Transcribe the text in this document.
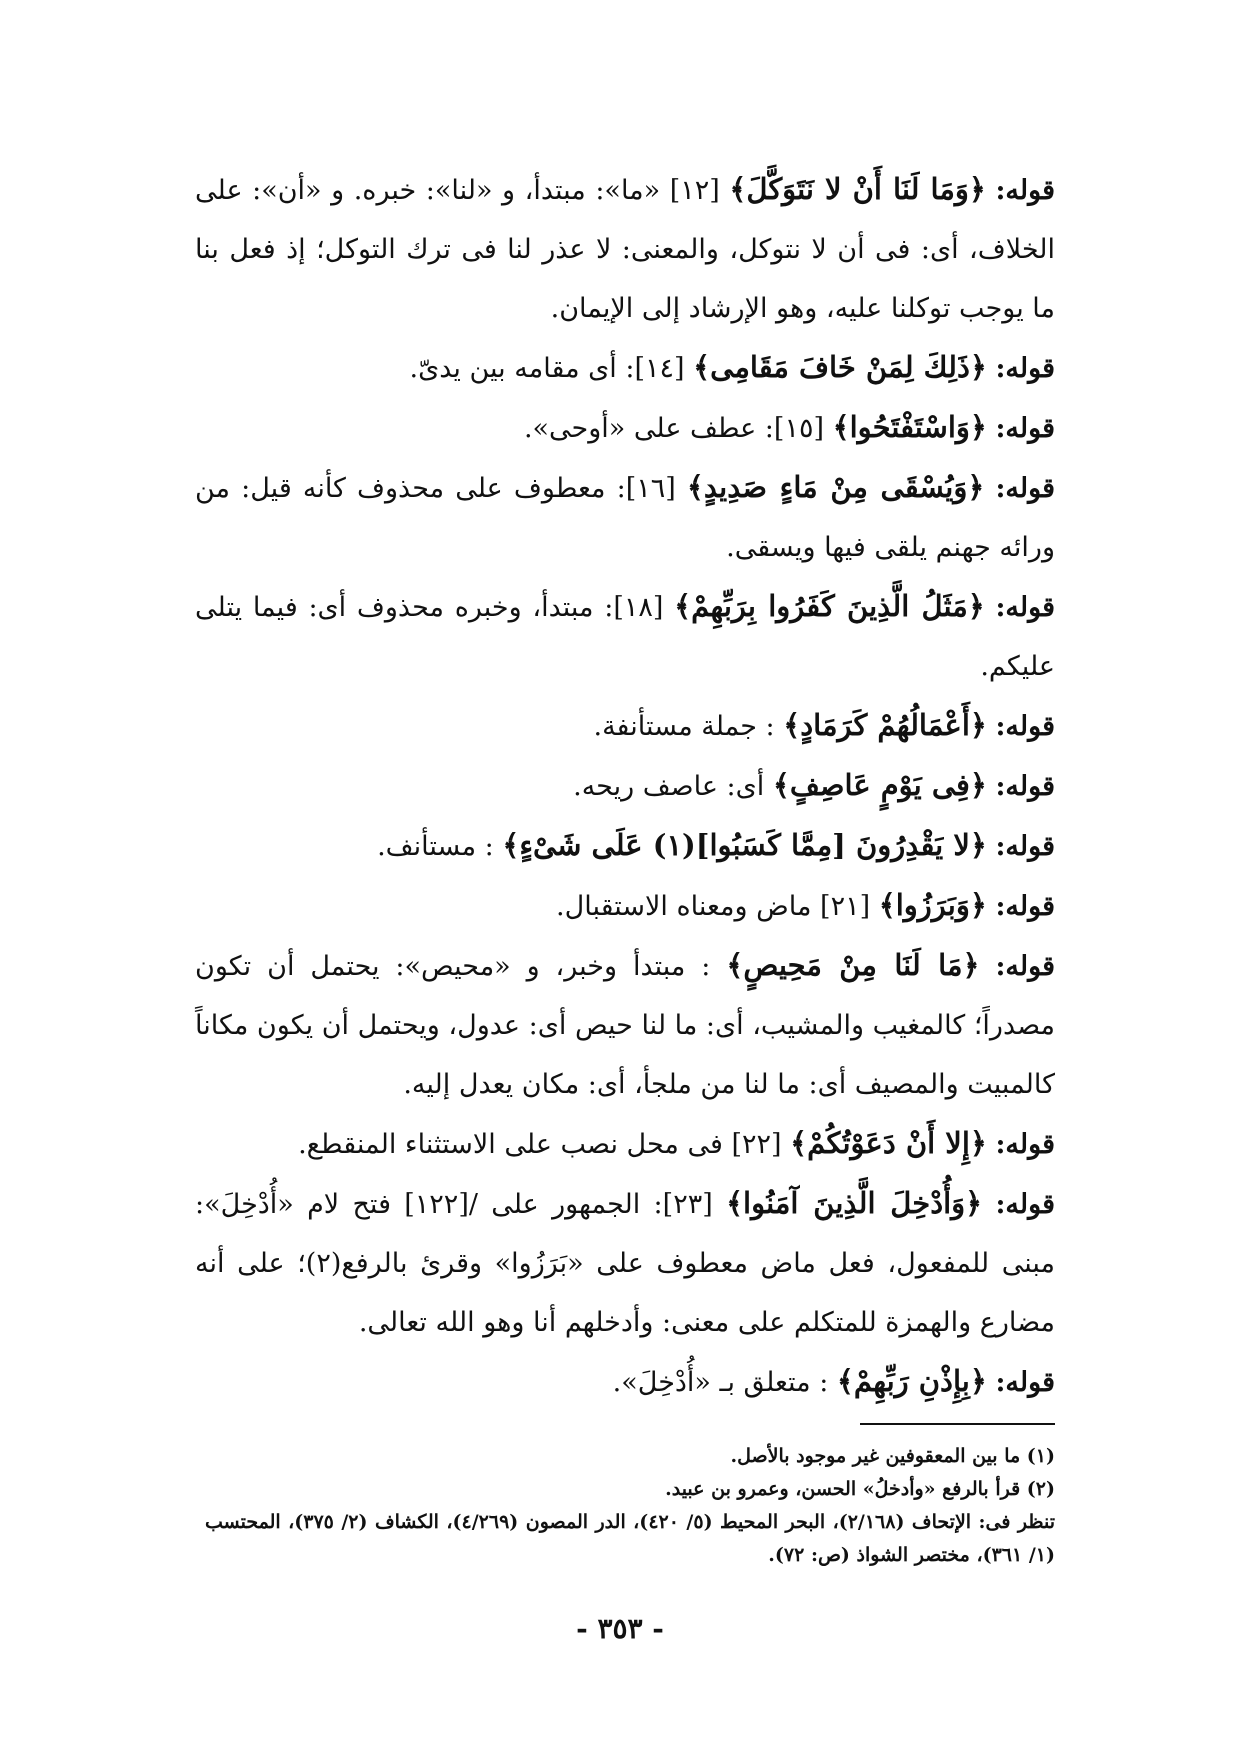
قوله: ﴿وَمَا لَنَا أَنْ لا نَتَوَكَّلَ﴾ [١٢] «ما»: مبتدأ، و «لنا»: خبره. و «أن»: على الخلاف، أى: فى أن لا نتوكل، والمعنى: لا عذر لنا فى ترك التوكل؛ إذ فعل بنا ما يوجب توكلنا عليه، وهو الإرشاد إلى الإيمان.

قوله: ﴿ذَلِكَ لِمَنْ خَافَ مَقَامِى﴾ [١٤]: أى مقامه بين يدىّ.

قوله: ﴿وَاسْتَفْتَحُوا﴾ [١٥]: عطف على «أوحى».

قوله: ﴿وَيُسْقَى مِنْ مَاءٍ صَدِيدٍ﴾ [١٦]: معطوف على محذوف كأنه قيل: من ورائه جهنم يلقى فيها ويسقى.

قوله: ﴿مَثَلُ الَّذِينَ كَفَرُوا بِرَبِّهِمْ﴾ [١٨]: مبتدأ، وخبره محذوف أى: فيما يتلى عليكم.

قوله: ﴿أَعْمَالُهُمْ كَرَمَادٍ﴾ : جملة مستأنفة.

قوله: ﴿فِى يَوْمٍ عَاصِفٍ﴾ أى: عاصف ريحه.

قوله: ﴿لا يَقْدِرُونَ [مِمَّا كَسَبُوا](١) عَلَى شَىْءٍ﴾ : مستأنف.

قوله: ﴿وَبَرَزُوا﴾ [٢١] ماض ومعناه الاستقبال.

قوله: ﴿مَا لَنَا مِنْ مَحِيصٍ﴾ : مبتدأ وخبر، و «محيص»: يحتمل أن تكون مصدراً؛ كالمغيب والمشيب، أى: ما لنا حيص أى: عدول، ويحتمل أن يكون مكاناً كالمبيت والمصيف أى: ما لنا من ملجأ، أى: مكان يعدل إليه.

قوله: ﴿إِلا أَنْ دَعَوْتُكُمْ﴾ [٢٢] فى محل نصب على الاستثناء المنقطع.

قوله: ﴿وَأُدْخِلَ الَّذِينَ آمَنُوا﴾ [٢٣]: الجمهور على /[١٢٢] فتح لام «أُدْخِلَ»: مبنى للمفعول، فعل ماض معطوف على «بَرَزُوا» وقرئ بالرفع(٢)؛ على أنه مضارع والهمزة للمتكلم على معنى: وأدخلهم أنا وهو الله تعالى.

قوله: ﴿بِإِذْنِ رَبِّهِمْ﴾ : متعلق بـ «أُدْخِلَ».

(١) ما بين المعقوفين غير موجود بالأصل.

(٢) قرأ بالرفع «وأدخلُ» الحسن، وعمرو بن عبيد.

تنظر فى: الإتحاف (٢/١٦٨)، البحر المحيط (٥/ ٤٢٠)، الدر المصون (٤/٢٦٩)، الكشاف (٢/ ٣٧٥)، المحتسب (١/ ٣٦١)، مختصر الشواذ (ص: ٧٢).

- ٣٥٣ -
